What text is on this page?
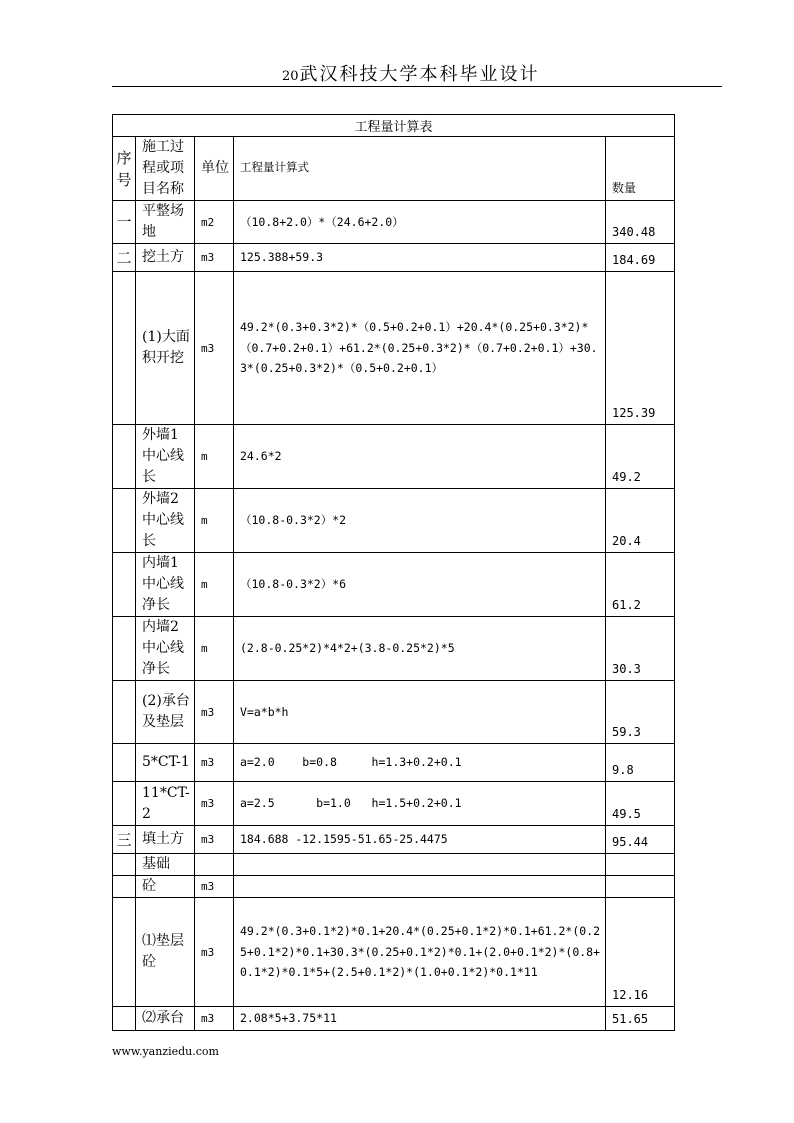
20武汉科技大学本科毕业设计
工程量计算表				
序号	施工过程或项目名称	单位	工程量计算式	数量
一	平整场地	m2	（10.8+2.0）*（24.6+2.0）	340.48
二	挖土方	m3	125.388+59.3	184.69
	(1)大面积开挖	m3	49.2*(0.3+0.3*2)*（0.5+0.2+0.1）+20.4*(0.25+0.3*2)*（0.7+0.2+0.1）+61.2*(0.25+0.3*2)*（0.7+0.2+0.1）+30.3*(0.25+0.3*2)*（0.5+0.2+0.1）	125.39
	外墙1中心线长	m	24.6*2	49.2
	外墙2中心线长	m	（10.8-0.3*2）*2	20.4
	内墙1中心线净长	m	（10.8-0.3*2）*6	61.2
	内墙2中心线净长	m	(2.8-0.25*2)*4*2+(3.8-0.25*2)*5	30.3
	(2)承台及垫层	m3	V=a*b*h	59.3
	5*CT-1	m3	a=2.0    b=0.8     h=1.3+0.2+0.1	9.8
	11*CT-2	m3	a=2.5      b=1.0   h=1.5+0.2+0.1	49.5
三	填土方	m3	184.688 -12.1595-51.65-25.4475	95.44
	基础			
	砼	m3		
	⑴垫层砼	m3	49.2*(0.3+0.1*2)*0.1+20.4*(0.25+0.1*2)*0.1+61.2*(0.25+0.1*2)*0.1+30.3*(0.25+0.1*2)*0.1+(2.0+0.1*2)*(0.8+0.1*2)*0.1*5+(2.5+0.1*2)*(1.0+0.1*2)*0.1*11	12.16
	⑵承台	m3	2.08*5+3.75*11	51.65
www.yanziedu.com
